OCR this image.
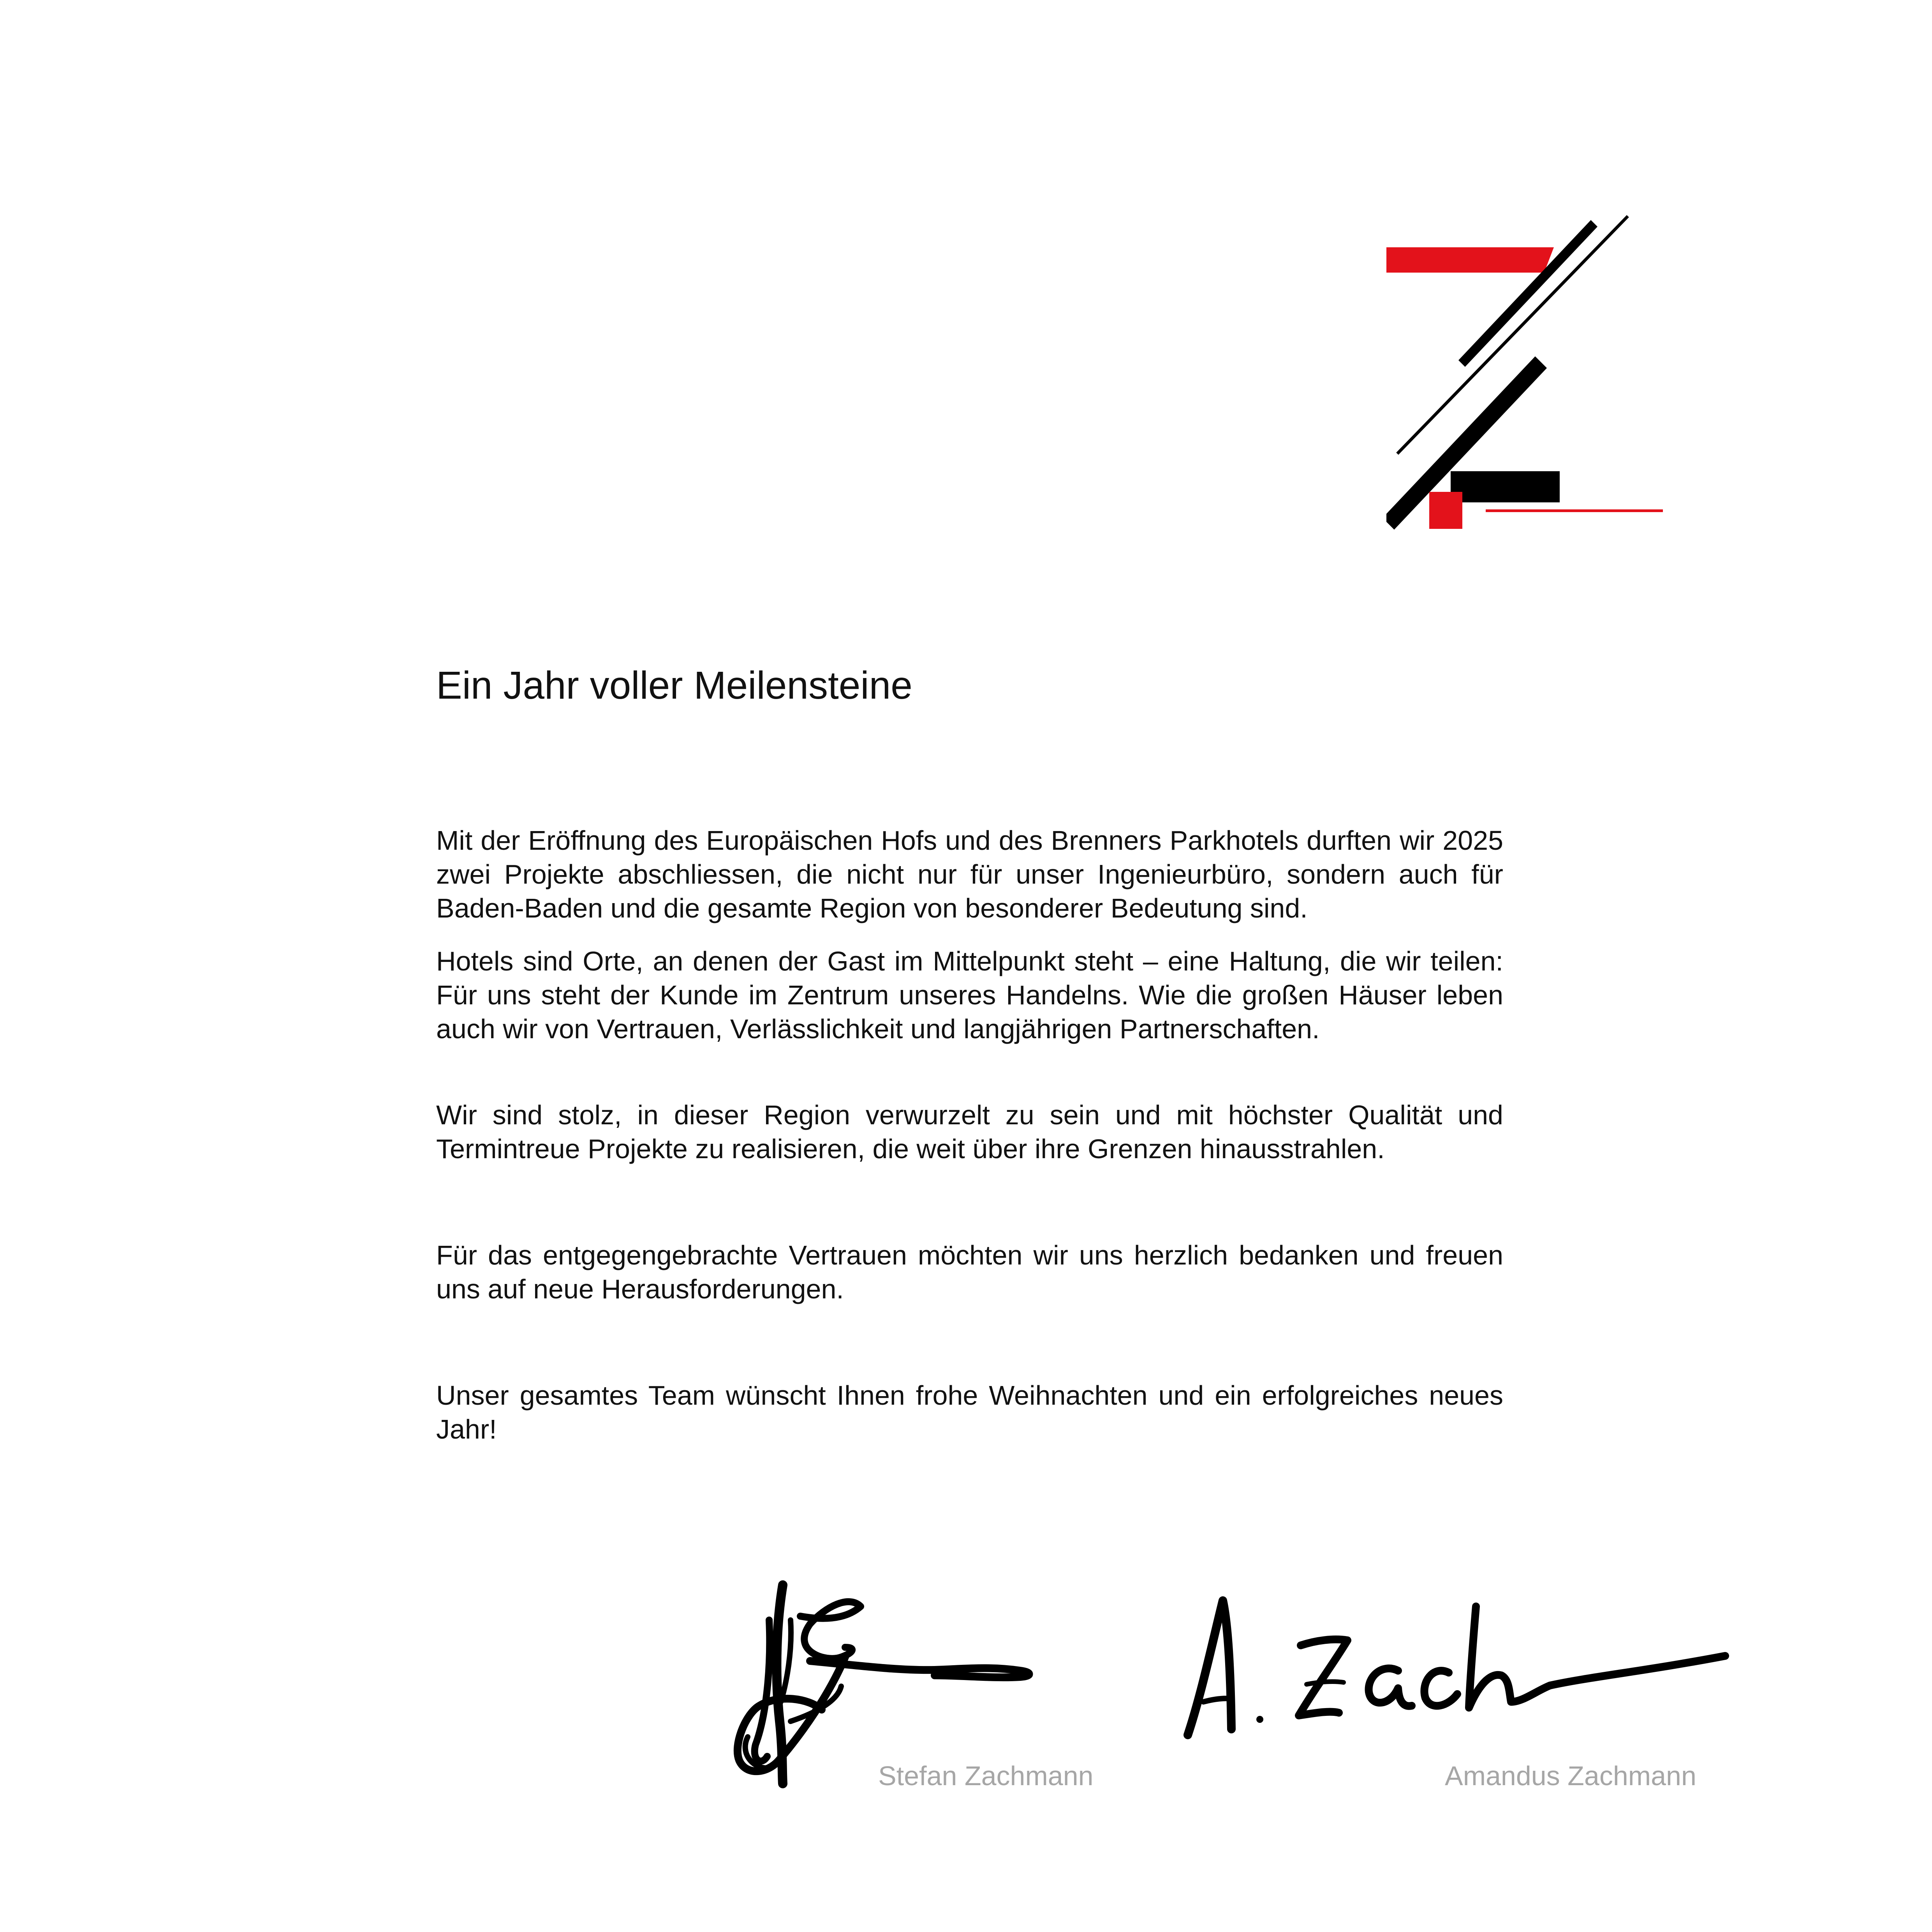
Ein Jahr voller Meilensteine

Mit der Eröffnung des Europäischen Hofs und des Brenners Parkhotels durften wir 2025 zwei Projekte abschliessen, die nicht nur für unser Ingenieurbüro, sondern auch für Baden-Baden und die gesamte Region von besonderer Bedeutung sind.

Hotels sind Orte, an denen der Gast im Mittelpunkt steht – eine Haltung, die wir teilen: Für uns steht der Kunde im Zentrum unseres Handelns. Wie die großen Häuser leben auch wir von Vertrauen, Verlässlichkeit und langjährigen Partnerschaften.

Wir sind stolz, in dieser Region verwurzelt zu sein und mit höchster Qualität und Termintreue Projekte zu realisieren, die weit über ihre Grenzen hinausstrahlen.

Für das entgegengebrachte Vertrauen möchten wir uns herzlich bedanken und freuen uns auf neue Herausforderungen.

Unser gesamtes Team wünscht Ihnen frohe Weihnachten und ein erfolgreiches neues Jahr!

Stefan Zachmann	Amandus Zachmann
